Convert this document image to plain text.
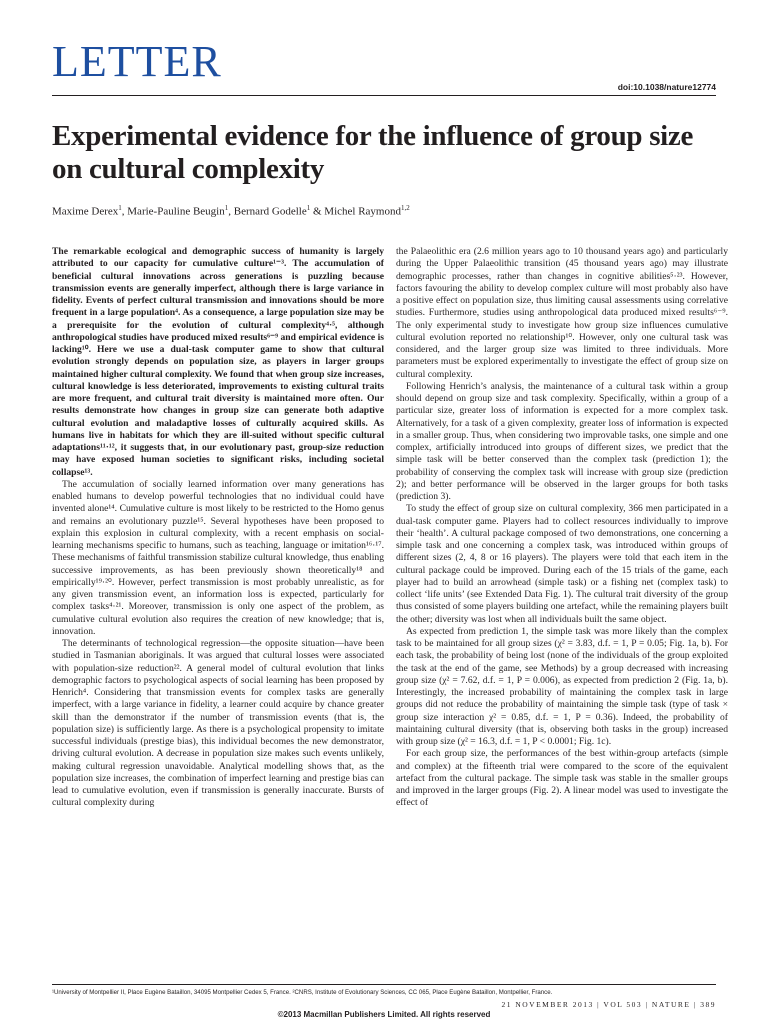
LETTER
doi:10.1038/nature12774
Experimental evidence for the influence of group size on cultural complexity
Maxime Derex$^1$, Marie-Pauline Beugin$^1$, Bernard Godelle$^1$ & Michel Raymond$^{1,2}$

The remarkable ecological and demographic success of humanity is largely attributed to our capacity for cumulative culture¹⁻³. The accumulation of beneficial cultural innovations across generations is puzzling because transmission events are generally imperfect, although there is large variance in fidelity. Events of perfect cultural transmission and innovations should be more frequent in a large population⁴. As a consequence, a large population size may be a prerequisite for the evolution of cultural complexity⁴·⁵, although anthropological studies have produced mixed results⁶⁻⁹ and empirical evidence is lacking¹⁰. Here we use a dual-task computer game to show that cultural evolution strongly depends on population size, as players in larger groups maintained higher cultural complexity. We found that when group size increases, cultural knowledge is less deteriorated, improvements to existing cultural traits are more frequent, and cultural trait diversity is maintained more often. Our results demonstrate how changes in group size can generate both adaptive cultural evolution and maladaptive losses of culturally acquired skills. As humans live in habitats for which they are ill-suited without specific cultural adaptations¹¹·¹², it suggests that, in our evolutionary past, group-size reduction may have exposed human societies to significant risks, including societal collapse¹³.

The accumulation of socially learned information over many generations has enabled humans to develop powerful technologies that no individual could have invented alone¹⁴. Cumulative culture is most likely to be restricted to the Homo genus and remains an evolutionary puzzle¹⁵. Several hypotheses have been proposed to explain this explosion in cultural complexity, with a recent emphasis on social-learning mechanisms specific to humans, such as teaching, language or imitation¹⁶·¹⁷. These mechanisms of faithful transmission stabilize cultural knowledge, thus enabling successive improvements, as has been previously shown theoretically¹⁸ and empirically¹⁹·²⁰. However, perfect transmission is most probably unrealistic, as for any given transmission event, an information loss is expected, particularly for complex tasks⁴·²¹. Moreover, transmission is only one aspect of the problem, as cumulative cultural evolution also requires the creation of new knowledge; that is, innovation.

The determinants of technological regression—the opposite situation—have been studied in Tasmanian aboriginals. It was argued that cultural losses were associated with population-size reduction²². A general model of cultural evolution that links demographic factors to psychological aspects of social learning has been proposed by Henrich⁴. Considering that transmission events for complex tasks are generally imperfect, with a large variance in fidelity, a learner could acquire by chance greater skill than the demonstrator if the number of transmission events (that is, the population size) is sufficiently large. As there is a psychological propensity to imitate successful individuals (prestige bias), this individual becomes the new demonstrator, driving cultural evolution. A decrease in population size makes such events unlikely, making cultural regression unavoidable. Analytical modelling shows that, as the population size increases, the combination of imperfect learning and prestige bias can lead to cumulative evolution, even if transmission is generally inaccurate. Bursts of cultural complexity during

the Palaeolithic era (2.6 million years ago to 10 thousand years ago) and particularly during the Upper Palaeolithic transition (45 thousand years ago) may illustrate demographic processes, rather than changes in cognitive abilities⁵·²³. However, factors favouring the ability to develop complex culture will most probably also have a positive effect on population size, thus limiting causal assessments using correlative studies. Furthermore, studies using anthropological data produced mixed results⁶⁻⁹. The only experimental study to investigate how group size influences cumulative cultural evolution reported no relationship¹⁰. However, only one cultural task was considered, and the larger group size was limited to three individuals. More parameters must be explored experimentally to investigate the effect of group size on cultural complexity.

Following Henrich’s analysis, the maintenance of a cultural task within a group should depend on group size and task complexity. Specifically, within a group of a particular size, greater loss of information is expected for a more complex task. Alternatively, for a task of a given complexity, greater loss of information is expected in a smaller group. Thus, when considering two improvable tasks, one simple and one complex, artificially introduced into groups of different sizes, we predict that the simple task will be better conserved than the complex task (prediction 1); the probability of conserving the complex task will increase with group size (prediction 2); and better performance will be observed in the larger groups for both tasks (prediction 3).

To study the effect of group size on cultural complexity, 366 men participated in a dual-task computer game. Players had to collect resources individually to improve their ‘health’. A cultural package composed of two demonstrations, one concerning a simple task and one concerning a complex task, was introduced within groups of different sizes (2, 4, 8 or 16 players). The players were told that each item in the cultural package could be improved. During each of the 15 trials of the game, each player had to build an arrowhead (simple task) or a fishing net (complex task) to collect ‘life units’ (see Extended Data Fig. 1). The cultural trait diversity of the group thus consisted of some players building one artefact, while the remaining players built the other; diversity was lost when all individuals built the same object.

As expected from prediction 1, the simple task was more likely than the complex task to be maintained for all group sizes (χ² = 3.83, d.f. = 1, P = 0.05; Fig. 1a, b). For each task, the probability of being lost (none of the individuals of the group exploited the task at the end of the game, see Methods) by a group decreased with increasing group size (χ² = 7.62, d.f. = 1, P = 0.006), as expected from prediction 2 (Fig. 1a, b). Interestingly, the increased probability of maintaining the complex task in large groups did not reduce the probability of maintaining the simple task (type of task × group size interaction χ² = 0.85, d.f. = 1, P = 0.36). Indeed, the probability of maintaining cultural diversity (that is, observing both tasks in the group) increased with group size (χ² = 16.3, d.f. = 1, P < 0.0001; Fig. 1c).

For each group size, the performances of the best within-group artefacts (simple and complex) at the fifteenth trial were compared to the score of the equivalent artefact from the cultural package. The simple task was stable in the smaller groups and improved in the larger groups (Fig. 2). A linear model was used to investigate the effect of

¹University of Montpellier II, Place Eugène Bataillon, 34095 Montpellier Cedex 5, France. ²CNRS, Institute of Evolutionary Sciences, CC 065, Place Eugène Bataillon, Montpellier, France.
21 NOVEMBER 2013 | VOL 503 | NATURE | 389
©2013 Macmillan Publishers Limited. All rights reserved
